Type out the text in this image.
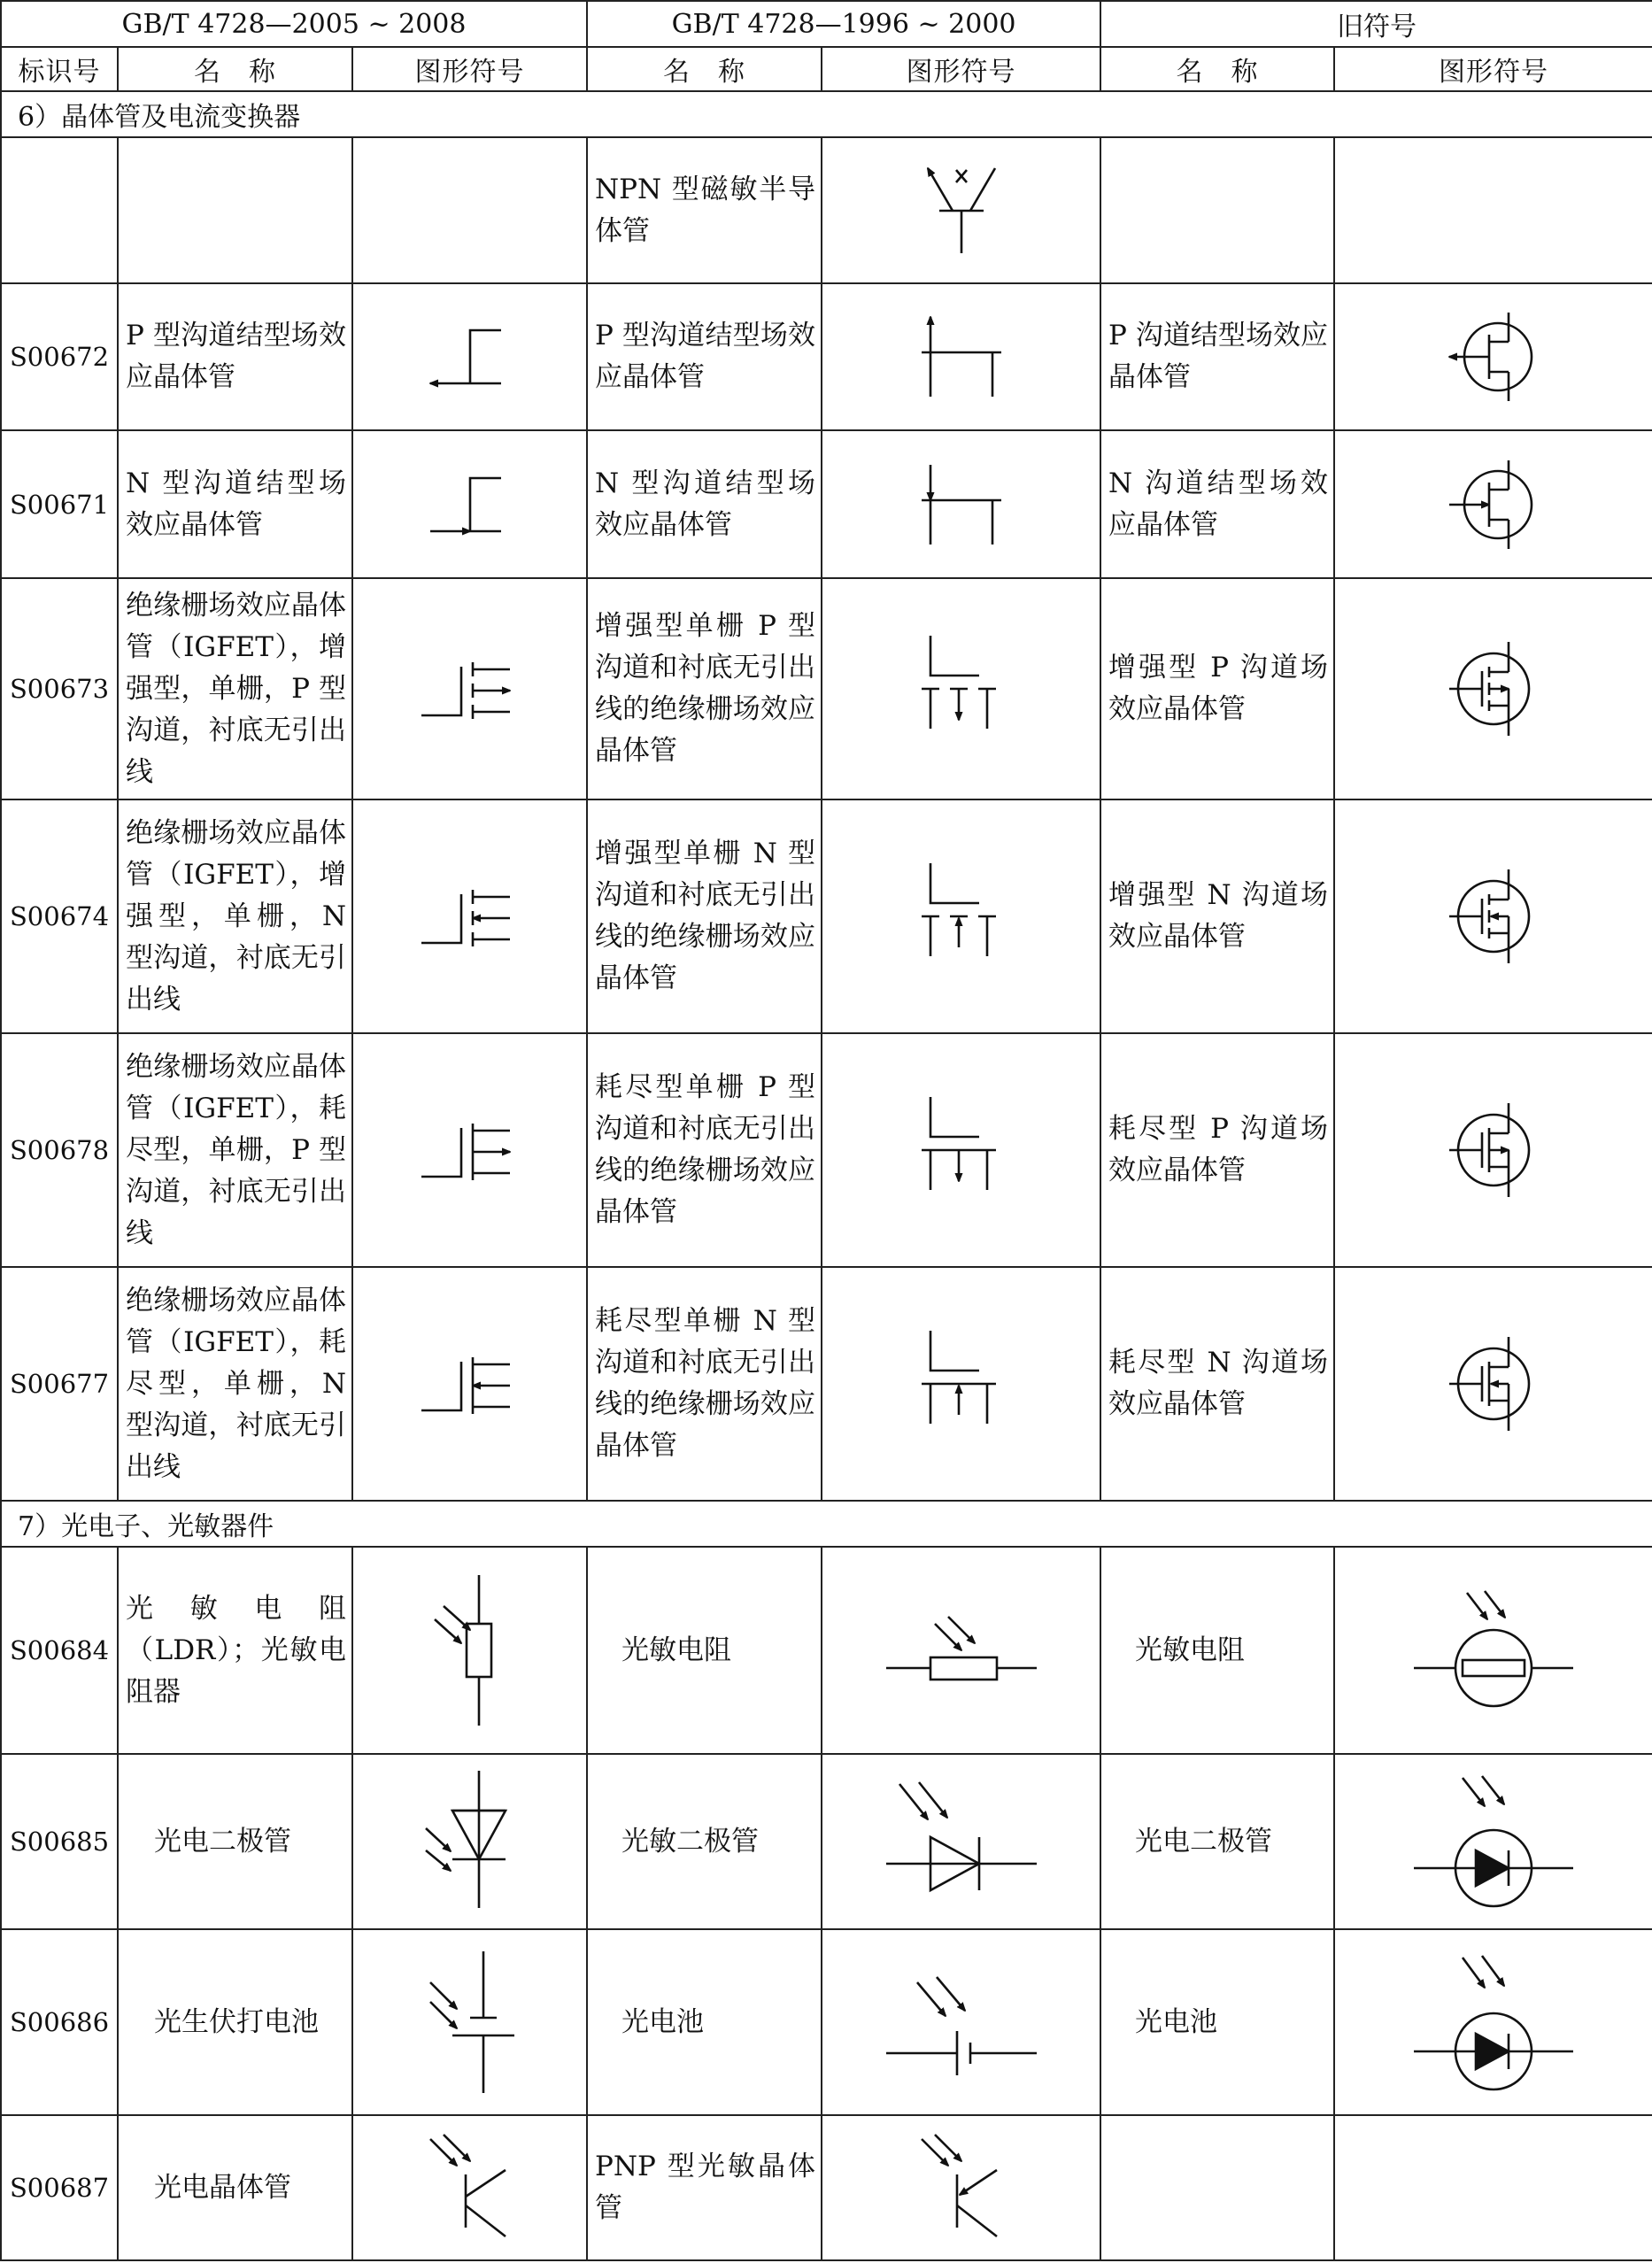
GB/T 4728—2005 ~ 2008			GB/T 4728—1996 ~ 2000		旧符号	
标识号	名　称	图形符号	名　称	图形符号	名　称	图形符号
6）晶体管及电流变换器						
			NPN 型磁敏半导体管	

S00672	P 型沟道结型场效应晶体管		P 型沟道结型场效应晶体管		P 沟道结型场效应晶体管	

S00671	N 型沟道结型场效应晶体管		N 型沟道结型场效应晶体管		N 沟道结型场效应晶体管	

S00673	绝缘栅场效应晶体管（IGFET），增强型，单栅，P 型沟道，衬底无引出线		增强型单栅 P 型沟道和衬底无引出线的绝缘栅场效应晶体管		增强型 P 沟道场效应晶体管	

S00674	绝缘栅场效应晶体管（IGFET），增强型，单栅，N 型沟道，衬底无引出线		增强型单栅 N 型沟道和衬底无引出线的绝缘栅场效应晶体管		增强型 N 沟道场效应晶体管	

S00678	绝缘栅场效应晶体管（IGFET），耗尽型，单栅，P 型沟道，衬底无引出线		耗尽型单栅 P 型沟道和衬底无引出线的绝缘栅场效应晶体管		耗尽型 P 沟道场效应晶体管	

S00677	绝缘栅场效应晶体管（IGFET），耗尽型，单栅，N 型沟道，衬底无引出线		耗尽型单栅 N 型沟道和衬底无引出线的绝缘栅场效应晶体管		耗尽型 N 沟道场效应晶体管	

7）光电子、光敏器件						
S00684	光敏电阻（LDR）；光敏电阻器		光敏电阻		光敏电阻	

S00685	光电二极管		光敏二极管		光电二极管	

S00686	光生伏打电池		光电池		光电池	

S00687	光电晶体管		PNP 型光敏晶体管	
